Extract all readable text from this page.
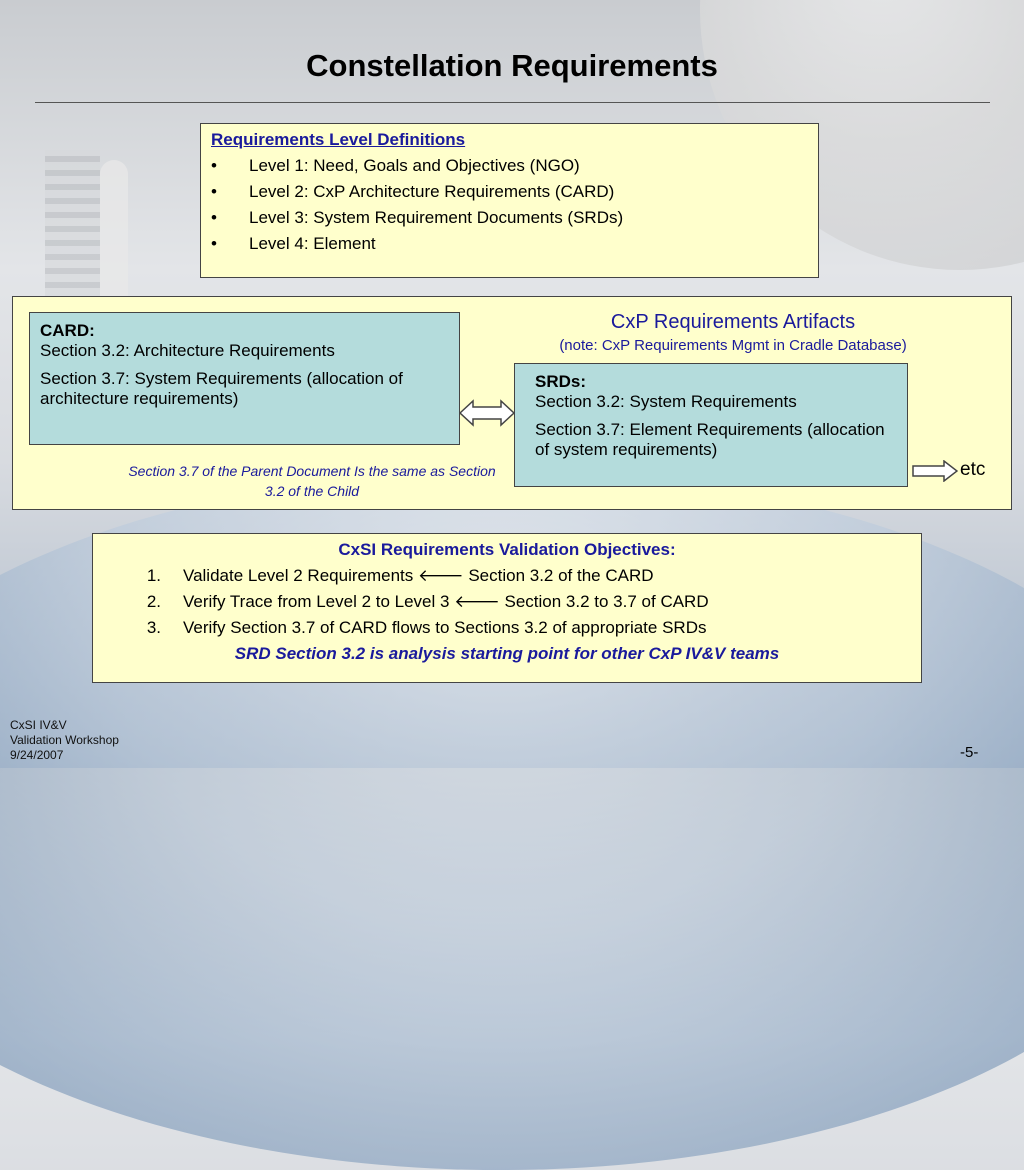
Constellation Requirements
Requirements Level Definitions
•	Level 1: Need, Goals and Objectives (NGO)
•	Level 2: CxP Architecture Requirements (CARD)
•	Level 3: System Requirement Documents (SRDs)
•	Level 4: Element
CxP Requirements Artifacts
(note: CxP Requirements Mgmt in Cradle Database)
CARD:
Section 3.2: Architecture Requirements
Section 3.7: System Requirements (allocation of architecture requirements)
SRDs:
Section 3.2: System Requirements
Section 3.7: Element Requirements (allocation of system requirements)
Section 3.7 of the Parent Document Is the same as Section 3.2 of the Child
etc
CxSI Requirements Validation Objectives:
1.	Validate Level 2 Requirements 🡐 Section 3.2 of the CARD
2.	Verify Trace from Level 2 to Level 3 🡐 Section 3.2 to 3.7 of CARD
3.	Verify Section 3.7 of CARD flows to Sections 3.2 of appropriate SRDs
SRD Section 3.2 is analysis starting point for other CxP IV&V teams
CxSI IV&V
Validation Workshop
9/24/2007	-5-
